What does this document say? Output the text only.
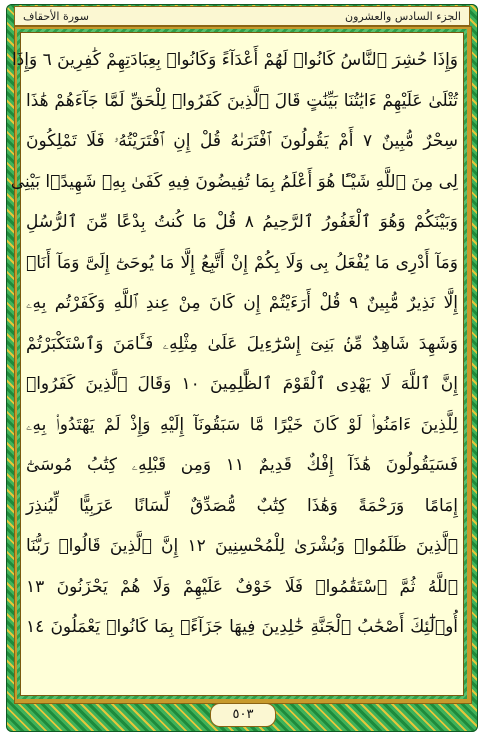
سورة الأحقاف	الجزء السادس والعشرون
وَإِذَا حُشِرَ ٱلنَّاسُ كَانُوا۟ لَهُمْ أَعْدَآءً وَكَانُوا۟ بِعِبَادَتِهِمْ كَٰفِرِينَ ٦ وَإِذَا
تُتْلَىٰ عَلَيْهِمْ ءَايَٰتُنَا بَيِّنَٰتٍ قَالَ ٱلَّذِينَ كَفَرُوا۟ لِلْحَقِّ لَمَّا جَآءَهُمْ هَٰذَا
سِحْرٌ مُّبِينٌ ٧ أَمْ يَقُولُونَ ٱفْتَرَىٰهُ قُلْ إِنِ ٱفْتَرَيْتُهُۥ فَلَا تَمْلِكُونَ
لِى مِنَ ٱللَّهِ شَيْـًٔا هُوَ أَعْلَمُ بِمَا تُفِيضُونَ فِيهِ كَفَىٰ بِهِۦ شَهِيدًۢا بَيْنِى
وَبَيْنَكُمْ وَهُوَ ٱلْغَفُورُ ٱلرَّحِيمُ ٨ قُلْ مَا كُنتُ بِدْعًا مِّنَ ٱلرُّسُلِ
وَمَآ أَدْرِى مَا يُفْعَلُ بِى وَلَا بِكُمْ إِنْ أَتَّبِعُ إِلَّا مَا يُوحَىٰٓ إِلَىَّ وَمَآ أَنَا۠
إِلَّا نَذِيرٌ مُّبِينٌ ٩ قُلْ أَرَءَيْتُمْ إِن كَانَ مِنْ عِندِ ٱللَّهِ وَكَفَرْتُم بِهِۦ
وَشَهِدَ شَاهِدٌ مِّنۢ بَنِىٓ إِسْرَٰٓءِيلَ عَلَىٰ مِثْلِهِۦ فَـَٔامَنَ وَٱسْتَكْبَرْتُمْ
إِنَّ ٱللَّهَ لَا يَهْدِى ٱلْقَوْمَ ٱلظَّٰلِمِينَ ١٠ وَقَالَ ٱلَّذِينَ كَفَرُوا۟
لِلَّذِينَ ءَامَنُوا۟ لَوْ كَانَ خَيْرًا مَّا سَبَقُونَآ إِلَيْهِ وَإِذْ لَمْ يَهْتَدُوا۟ بِهِۦ
فَسَيَقُولُونَ هَٰذَآ إِفْكٌ قَدِيمٌ ١١ وَمِن قَبْلِهِۦ كِتَٰبُ مُوسَىٰٓ
إِمَامًا وَرَحْمَةً وَهَٰذَا كِتَٰبٌ مُّصَدِّقٌ لِّسَانًا عَرَبِيًّا لِّيُنذِرَ
ٱلَّذِينَ ظَلَمُوا۟ وَبُشْرَىٰ لِلْمُحْسِنِينَ ١٢ إِنَّ ٱلَّذِينَ قَالُوا۟ رَبُّنَا
ٱللَّهُ ثُمَّ ٱسْتَقَٰمُوا۟ فَلَا خَوْفٌ عَلَيْهِمْ وَلَا هُمْ يَحْزَنُونَ ١٣
أُو۟لَٰٓئِكَ أَصْحَٰبُ ٱلْجَنَّةِ خَٰلِدِينَ فِيهَا جَزَآءًۢ بِمَا كَانُوا۟ يَعْمَلُونَ ١٤
٥٠٣
